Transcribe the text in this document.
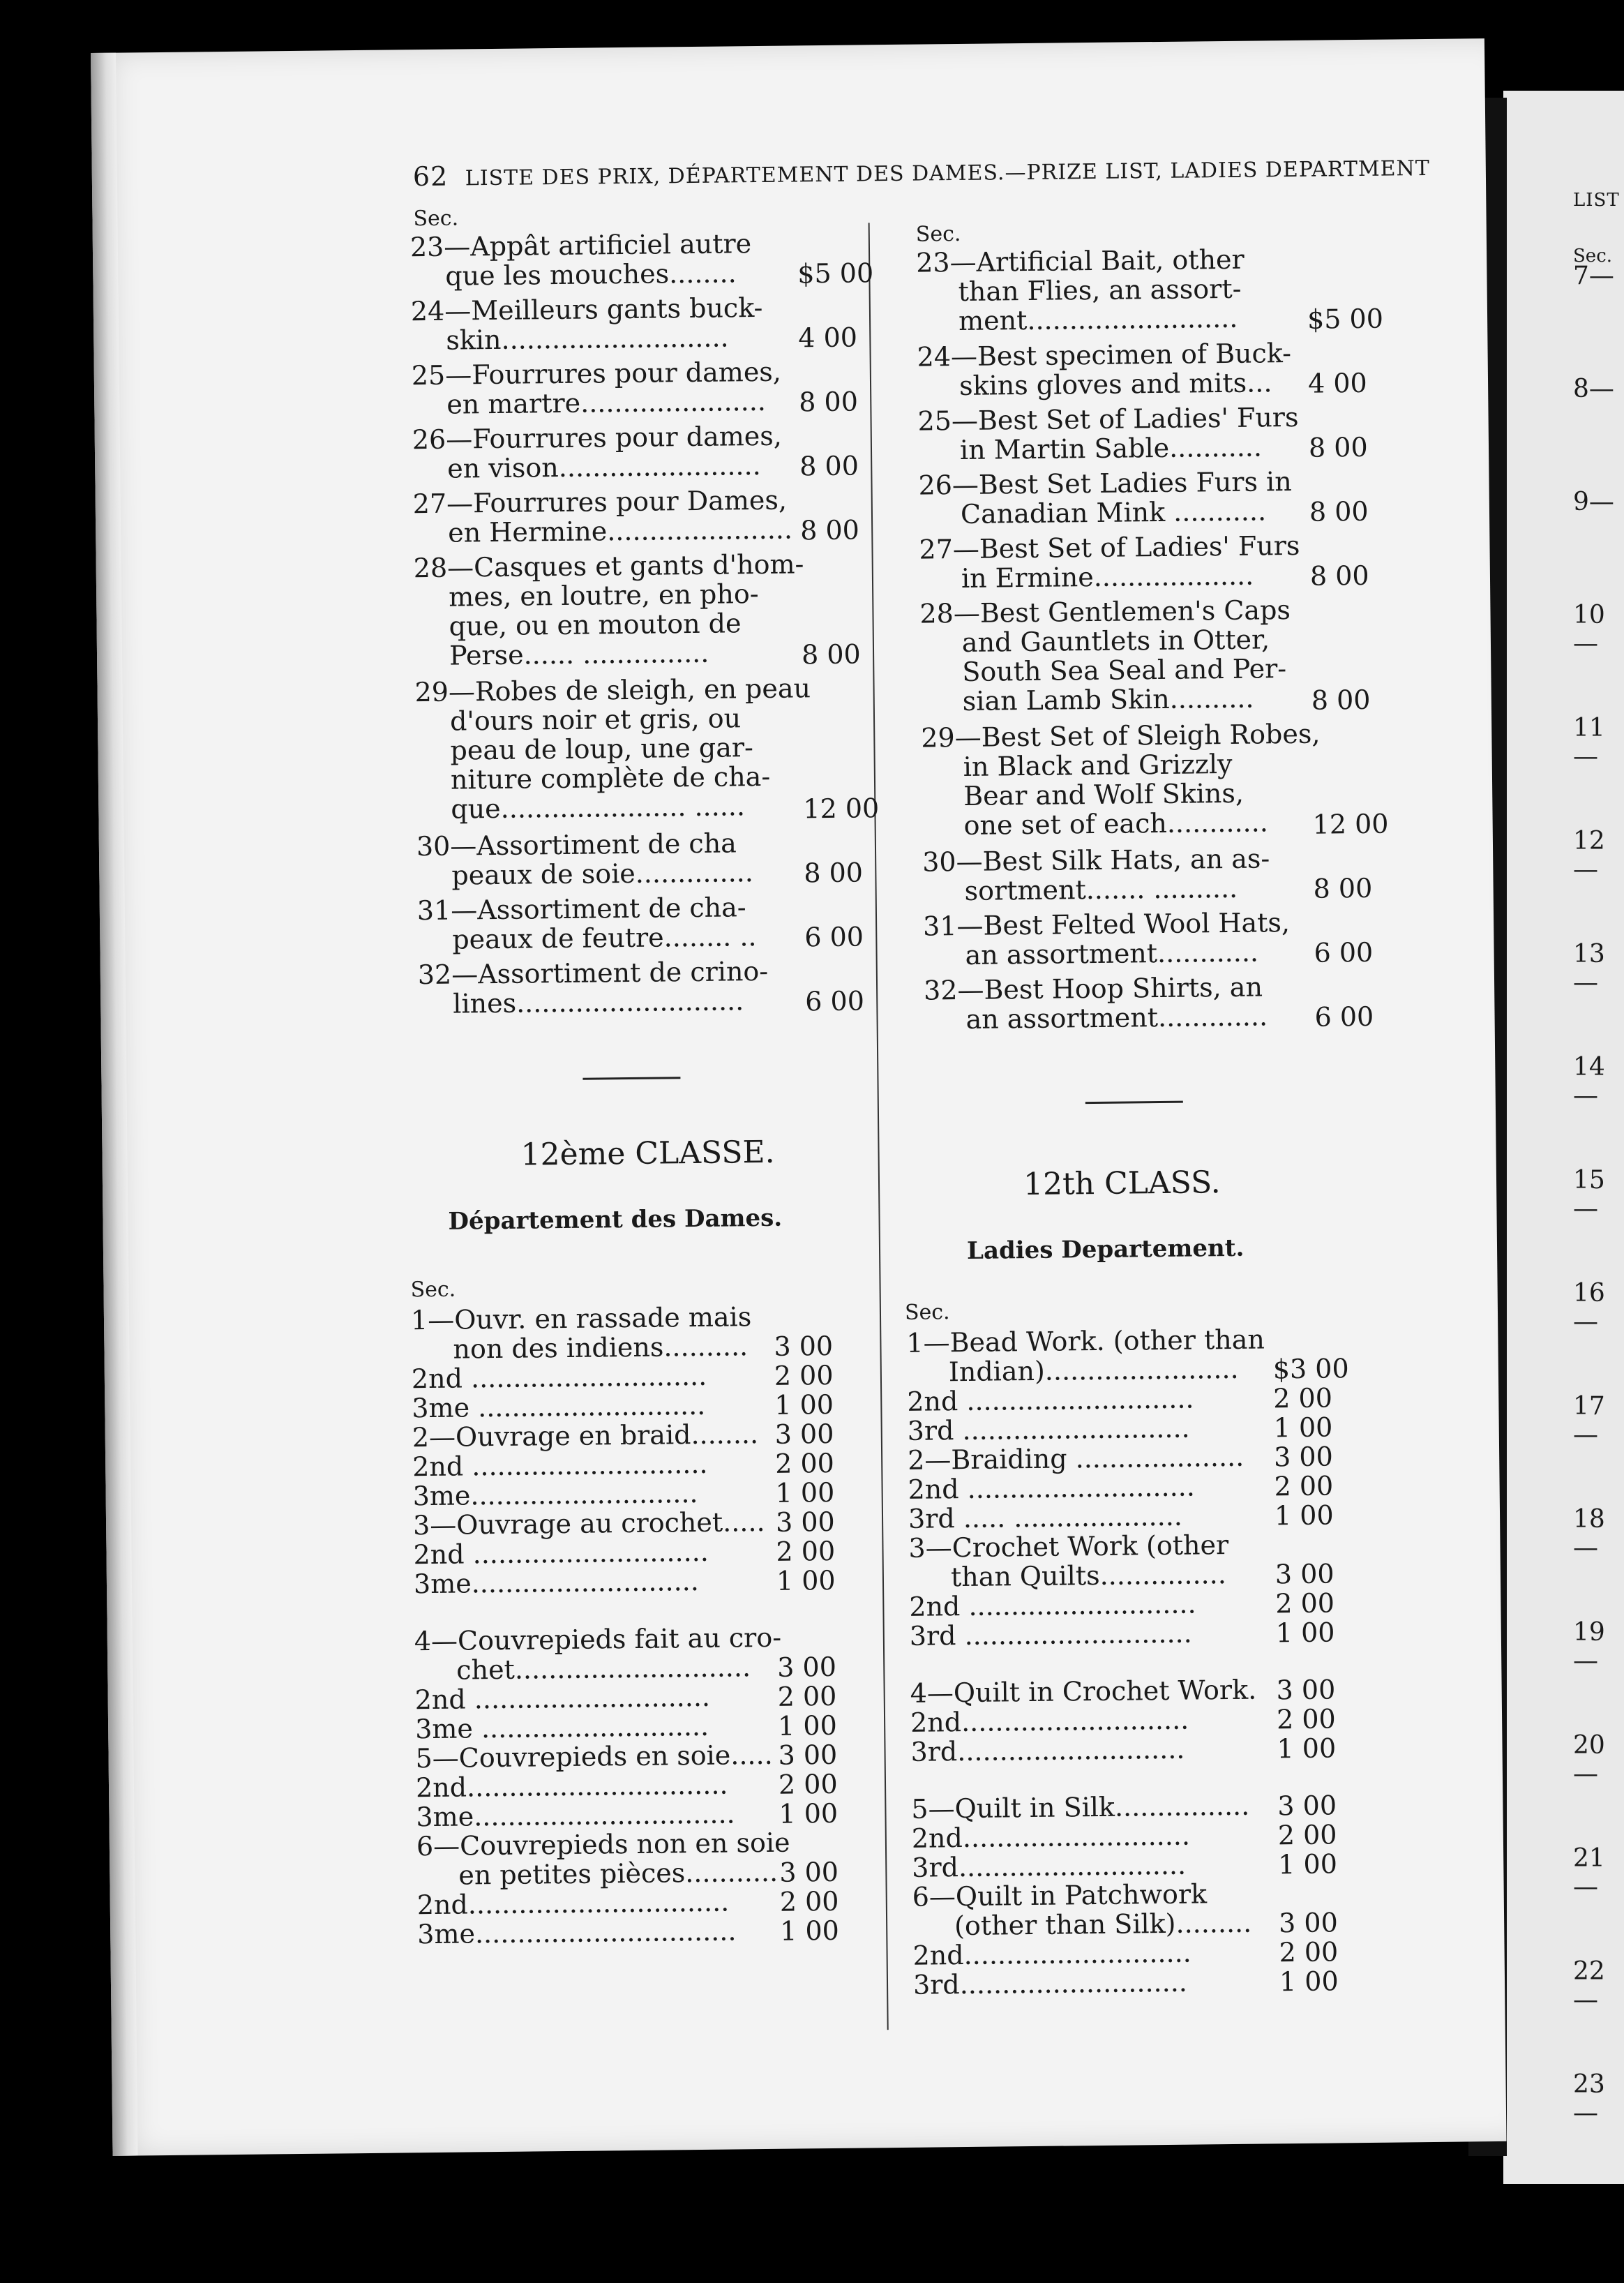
LIST
Sec.
7—
8—
9—
10—
11—
12—
13—
14—
15—
16—
17—
18—
19—
20—
21—
22—
23—
62 LISTE DES PRIX, DÉPARTEMENT DES DAMES.—PRIZE LIST, LADIES DEPARTMENT
Sec.
Sec.
23—Appât artificiel autre
que les mouches........	$5 00
24—Meilleurs gants buck-
skin...........................	4 00
25—Fourrures pour dames,
en martre......................	8 00
26—Fourrures pour dames,
en vison........................	8 00
27—Fourrures pour Dames,
en Hermine...................... 8 00
28—Casques et gants d'hom-
mes, en loutre, en pho-
que, ou en mouton de
Perse...... ...............	8 00
29—Robes de sleigh, en peau
d'ours noir et gris, ou
peau de loup, une gar-
niture complète de cha-
que...................... ......	12 00
30—Assortiment de cha
peaux de soie..............	8 00
31—Assortiment de cha-
peaux de feutre........ ..	6 00
32—Assortiment de crino-
lines...........................	6 00
23—Artificial Bait, other
than Flies, an assort-
ment.........................	$5 00
24—Best specimen of Buck-
skins gloves and mits...	4 00
25—Best Set of Ladies' Furs
in Martin Sable...........	8 00
26—Best Set Ladies Furs in
Canadian Mink ...........	8 00
27—Best Set of Ladies' Furs
in Ermine...................	8 00
28—Best Gentlemen's Caps
and Gauntlets in Otter,
South Sea Seal and Per-
sian Lamb Skin..........	8 00
29—Best Set of Sleigh Robes,
in Black and Grizzly
Bear and Wolf Skins,
one set of each............	12 00
30—Best Silk Hats, an as-
sortment....... ..........	8 00
31—Best Felted Wool Hats,
an assortment............	6 00
32—Best Hoop Shirts, an
an assortment.............	6 00
12ème CLASSE.
Département des Dames.
12th CLASS.
Ladies Departement.
Sec.
Sec.
1—Ouvr. en rassade mais
non des indiens.......... 3 00
2nd ............................	2 00
3me ...........................	1 00
2—Ouvrage en braid........ 3 00
2nd ............................	2 00
3me...........................	1 00
3—Ouvrage au crochet..... 3 00
2nd ............................	2 00
3me...........................	1 00
4—Couvrepieds fait au cro-
chet............................ 3 00
2nd ............................	2 00
3me ...........................	1 00
5—Couvrepieds en soie..... 3 00
2nd............................... 2 00
3me............................... 1 00
6—Couvrepieds non en soie
en petites pièces........... 3 00
2nd............................... 2 00
3me............................... 1 00
1—Bead Work. (other than
Indian).......................	$3 00
2nd ...........................	2 00
3rd ...........................	1 00
2—Braiding .................... 3 00
2nd ...........................	2 00
3rd ..... ....................	1 00
3—Crochet Work (other
than Quilts...............	3 00
2nd ...........................	2 00
3rd ...........................	1 00
4—Quilt in Crochet Work. 3 00
2nd...........................	2 00
3rd...........................	1 00
5—Quilt in Silk................ 3 00
2nd...........................	2 00
3rd...........................	1 00
6—Quilt in Patchwork
(other than Silk)......... 3 00
2nd...........................	2 00
3rd...........................	1 00
